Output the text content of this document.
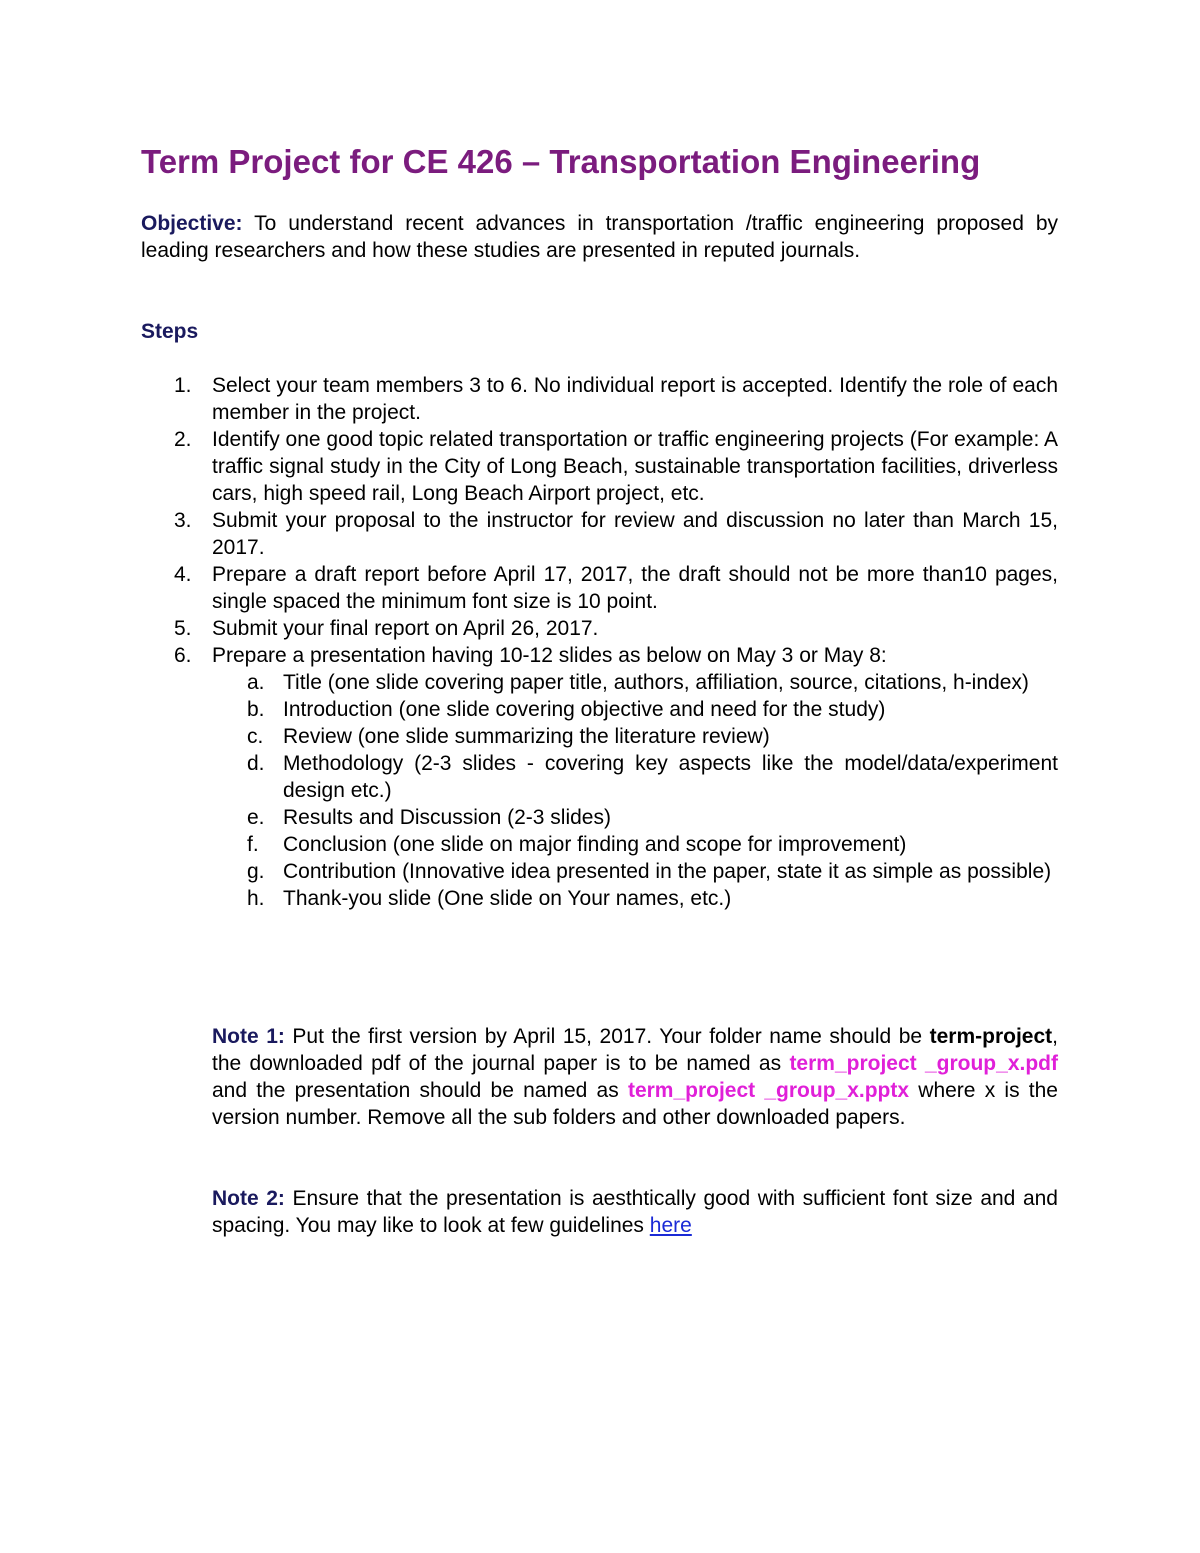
Term Project for CE 426 – Transportation Engineering

Objective: To understand recent advances in transportation /traffic engineering proposed by leading researchers and how these studies are presented in reputed journals.

Steps
1. Select your team members 3 to 6. No individual report is accepted. Identify the role of each member in the project.
2. Identify one good topic related transportation or traffic engineering projects (For example: A traffic signal study in the City of Long Beach, sustainable transportation facilities, driverless cars, high speed rail, Long Beach Airport project, etc.
3. Submit your proposal to the instructor for review and discussion no later than March 15, 2017.
4. Prepare a draft report before April 17, 2017, the draft should not be more than10 pages, single spaced the minimum font size is 10 point.
5. Submit your final report on April 26, 2017.
6. Prepare a presentation having 10-12 slides as below on May 3 or May 8:
a. Title (one slide covering paper title, authors, affiliation, source, citations, h-index)
b. Introduction (one slide covering objective and need for the study)
c. Review (one slide summarizing the literature review)
d. Methodology (2-3 slides - covering key aspects like the model/data/experiment design etc.)
e. Results and Discussion (2-3 slides)
f. Conclusion (one slide on major finding and scope for improvement)
g. Contribution (Innovative idea presented in the paper, state it as simple as possible)
h. Thank-you slide (One slide on Your names, etc.)

Note 1: Put the first version by April 15, 2017. Your folder name should be term-project, the downloaded pdf of the journal paper is to be named as term_project _group_x.pdf and the presentation should be named as term_project _group_x.pptx where x is the version number. Remove all the sub folders and other downloaded papers.

Note 2: Ensure that the presentation is aesthtically good with sufficient font size and and spacing. You may like to look at few guidelines here
